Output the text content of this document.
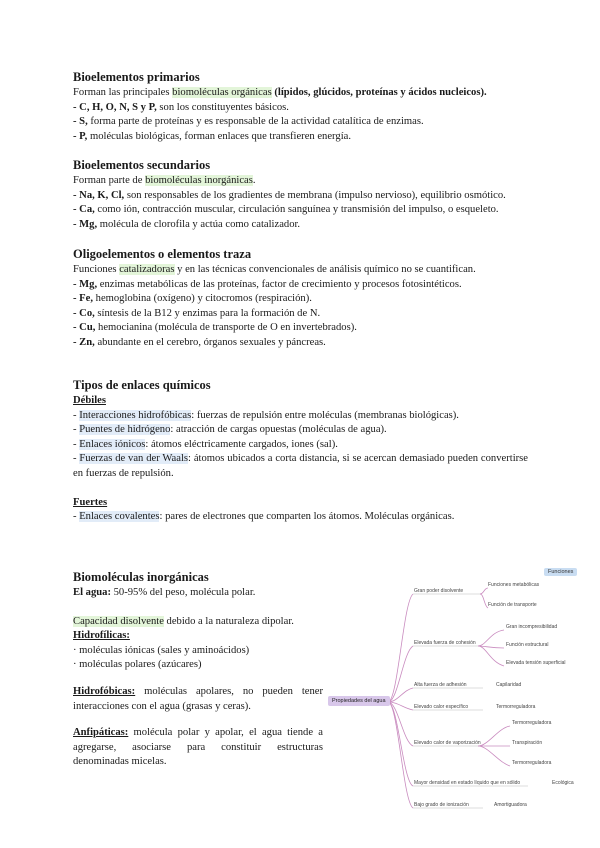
Bioelementos primarios
Forman las principales biomoléculas orgánicas (lípidos, glúcidos, proteínas y ácidos nucleicos).
- C, H, O, N, S y P, son los constituyentes básicos.
- S, forma parte de proteínas y es responsable de la actividad catalítica de enzimas.
- P, moléculas biológicas, forman enlaces que transfieren energía.
Bioelementos secundarios
Forman parte de biomoléculas inorgánicas.
- Na, K, Cl, son responsables de los gradientes de membrana (impulso nervioso), equilibrio osmótico.
- Ca, como ión, contracción muscular, circulación sanguínea y transmisión del impulso, o esqueleto.
- Mg, molécula de clorofila y actúa como catalizador.
Oligoelementos o elementos traza
Funciones catalizadoras y en las técnicas convencionales de análisis químico no se cuantifican.
- Mg, enzimas metabólicas de las proteínas, factor de crecimiento y procesos fotosintéticos.
- Fe, hemoglobina (oxígeno) y citocromos (respiración).
- Co, síntesis de la B12 y enzimas para la formación de N.
- Cu, hemocianina (molécula de transporte de O en invertebrados).
- Zn, abundante en el cerebro, órganos sexuales y páncreas.
Tipos de enlaces químicos
Débiles
- Interacciones hidrofóbicas: fuerzas de repulsión entre moléculas (membranas biológicas).
- Puentes de hidrógeno: atracción de cargas opuestas (moléculas de agua).
- Enlaces iónicos: átomos eléctricamente cargados, iones (sal).
- Fuerzas de van der Waals: átomos ubicados a corta distancia, si se acercan demasiado pueden convertirse en fuerzas de repulsión.
Fuertes
- Enlaces covalentes: pares de electrones que comparten los átomos. Moléculas orgánicas.
Biomoléculas inorgánicas
El agua: 50-95% del peso, molécula polar.
Capacidad disolvente debido a la naturaleza dipolar.
Hidrofílicas:
· moléculas iónicas (sales y aminoácidos)
· moléculas polares (azúcares)
Hidrofóbicas: moléculas apolares, no pueden tener interacciones con el agua (grasas y ceras).
Anfipáticas: molécula polar y apolar, el agua tiende a agregarse, asociarse para constituir estructuras denominadas micelas.
Funciones
Propiedades del agua
Gran poder disolvente
Funciones metabólicas
Función de transporte
Elevada fuerza de cohesión
Gran incompresibilidad
Función estructural
Elevada tensión superficial
Alta fuerza de adhesión	Capilaridad
Elevado calor específico	Termorreguladora
Elevado calor de vaporización
Termorreguladora
Transpiración
Termorreguladora
Mayor densidad en estado líquido que en sólido	Ecológica
Bajo grado de ionización	Amortiguadora
